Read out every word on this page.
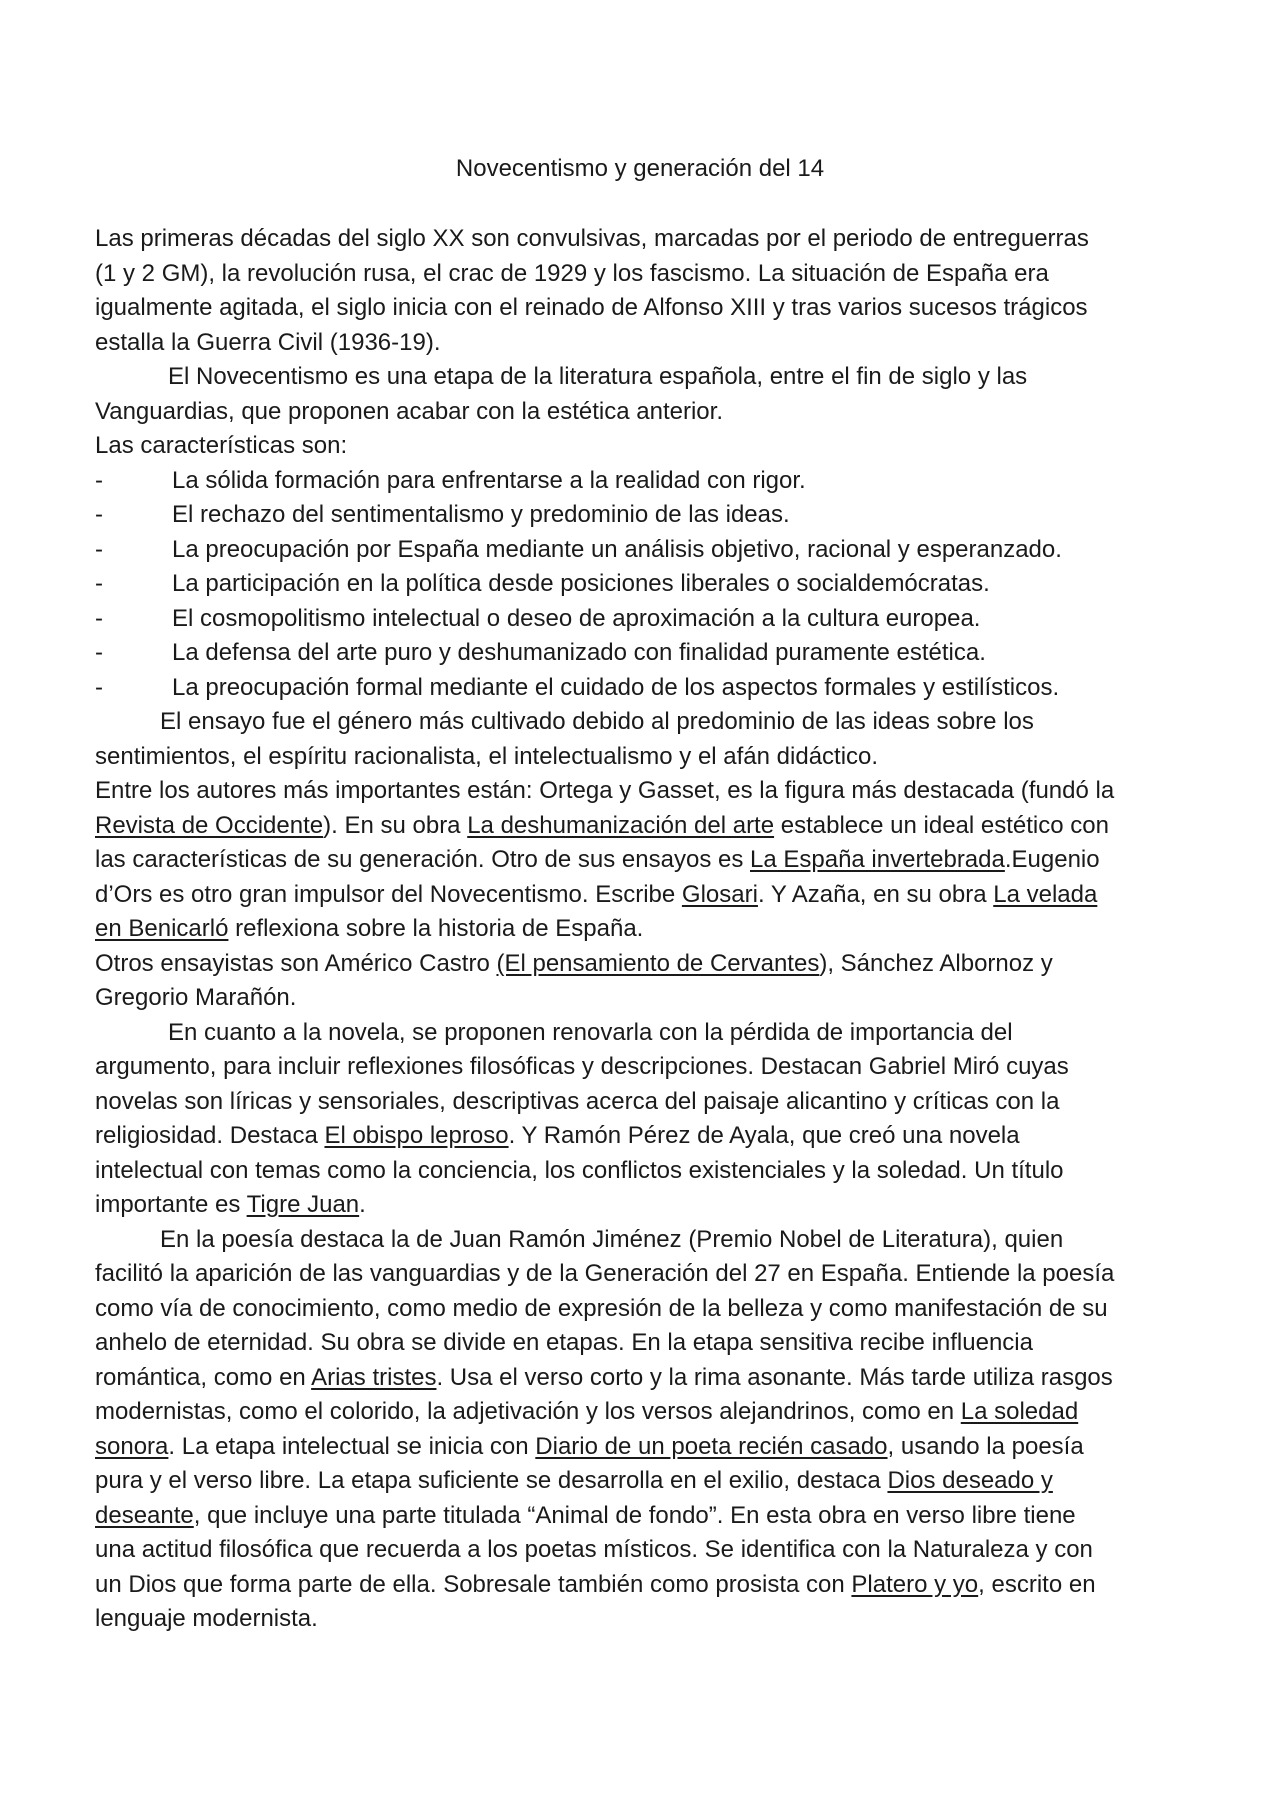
Novecentismo y generación del 14
Las primeras décadas del siglo XX son convulsivas, marcadas por el periodo de entreguerras
(1 y 2 GM), la revolución rusa, el crac de 1929 y los fascismo. La situación de España era
igualmente agitada, el siglo inicia con el reinado de Alfonso XIII y tras varios sucesos trágicos
estalla la Guerra Civil (1936-19).
El Novecentismo es una etapa de la literatura española, entre el fin de siglo y las
Vanguardias, que proponen acabar con la estética anterior.
Las características son:
-	La sólida formación para enfrentarse a la realidad con rigor.
-	El rechazo del sentimentalismo y predominio de las ideas.
-	La preocupación por España mediante un análisis objetivo, racional y esperanzado.
-	La participación en la política desde posiciones liberales o socialdemócratas.
-	El cosmopolitismo intelectual o deseo de aproximación a la cultura europea.
-	La defensa del arte puro y deshumanizado con finalidad puramente estética.
-	La preocupación formal mediante el cuidado de los aspectos formales y estilísticos.
El ensayo fue el género más cultivado debido al predominio de las ideas sobre los
sentimientos, el espíritu racionalista, el intelectualismo y el afán didáctico.
Entre los autores más importantes están: Ortega y Gasset, es la figura más destacada (fundó la
Revista de Occidente). En su obra La deshumanización del arte establece un ideal estético con
las características de su generación. Otro de sus ensayos es La España invertebrada.Eugenio
d’Ors es otro gran impulsor del Novecentismo. Escribe Glosari. Y Azaña, en su obra La velada
en Benicarló reflexiona sobre la historia de España.
Otros ensayistas son Américo Castro (El pensamiento de Cervantes), Sánchez Albornoz y
Gregorio Marañón.
En cuanto a la novela, se proponen renovarla con la pérdida de importancia del
argumento, para incluir reflexiones filosóficas y descripciones. Destacan Gabriel Miró cuyas
novelas son líricas y sensoriales, descriptivas acerca del paisaje alicantino y críticas con la
religiosidad. Destaca El obispo leproso. Y Ramón Pérez de Ayala, que creó una novela
intelectual con temas como la conciencia, los conflictos existenciales y la soledad. Un título
importante es Tigre Juan.
En la poesía destaca la de Juan Ramón Jiménez (Premio Nobel de Literatura), quien
facilitó la aparición de las vanguardias y de la Generación del 27 en España. Entiende la poesía
como vía de conocimiento, como medio de expresión de la belleza y como manifestación de su
anhelo de eternidad. Su obra se divide en etapas. En la etapa sensitiva recibe influencia
romántica, como en Arias tristes. Usa el verso corto y la rima asonante. Más tarde utiliza rasgos
modernistas, como el colorido, la adjetivación y los versos alejandrinos, como en La soledad
sonora. La etapa intelectual se inicia con Diario de un poeta recién casado, usando la poesía
pura y el verso libre. La etapa suficiente se desarrolla en el exilio, destaca Dios deseado y
deseante, que incluye una parte titulada “Animal de fondo”. En esta obra en verso libre tiene
una actitud filosófica que recuerda a los poetas místicos. Se identifica con la Naturaleza y con
un Dios que forma parte de ella. Sobresale también como prosista con Platero y yo, escrito en
lenguaje modernista.
